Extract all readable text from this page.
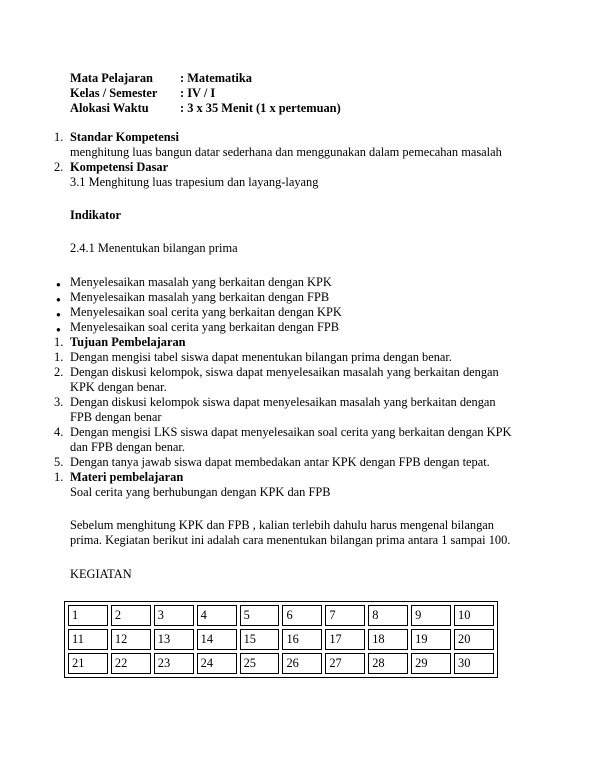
Mata Pelajaran : Matematika
Kelas / Semester : IV / I
Alokasi Waktu	: 3 x 35 Menit (1 x pertemuan)
1. Standar Kompetensi
menghitung luas bangun datar sederhana dan menggunakan dalam pemecahan masalah
2. Kompetensi Dasar
3.1 Menghitung luas trapesium dan layang-layang
Indikator
2.4.1 Menentukan bilangan prima
● Menyelesaikan masalah yang berkaitan dengan KPK
● Menyelesaikan masalah yang berkaitan dengan FPB
● Menyelesaikan soal cerita yang berkaitan dengan KPK
● Menyelesaikan soal cerita yang berkaitan dengan FPB
1. Tujuan Pembelajaran
1. Dengan mengisi tabel siswa dapat menentukan bilangan prima dengan benar.
2. Dengan diskusi kelompok, siswa dapat menyelesaikan masalah yang berkaitan dengan
KPK dengan benar.
3. Dengan diskusi kelompok siswa dapat menyelesaikan masalah yang berkaitan dengan
FPB dengan benar
4. Dengan mengisi LKS siswa dapat menyelesaikan soal cerita yang berkaitan dengan KPK
dan FPB dengan benar.
5. Dengan tanya jawab siswa dapat membedakan antar KPK dengan FPB dengan tepat.
1. Materi pembelajaran
Soal cerita yang berhubungan dengan KPK dan FPB
Sebelum menghitung KPK dan FPB , kalian terlebih dahulu harus mengenal bilangan
prima. Kegiatan berikut ini adalah cara menentukan bilangan prima antara 1 sampai 100.
KEGIATAN
1	2	3	4	5	6	7	8	9	10
11	12	13	14	15	16	17	18	19	20
21	22	23	24	25	26	27	28	29	30
